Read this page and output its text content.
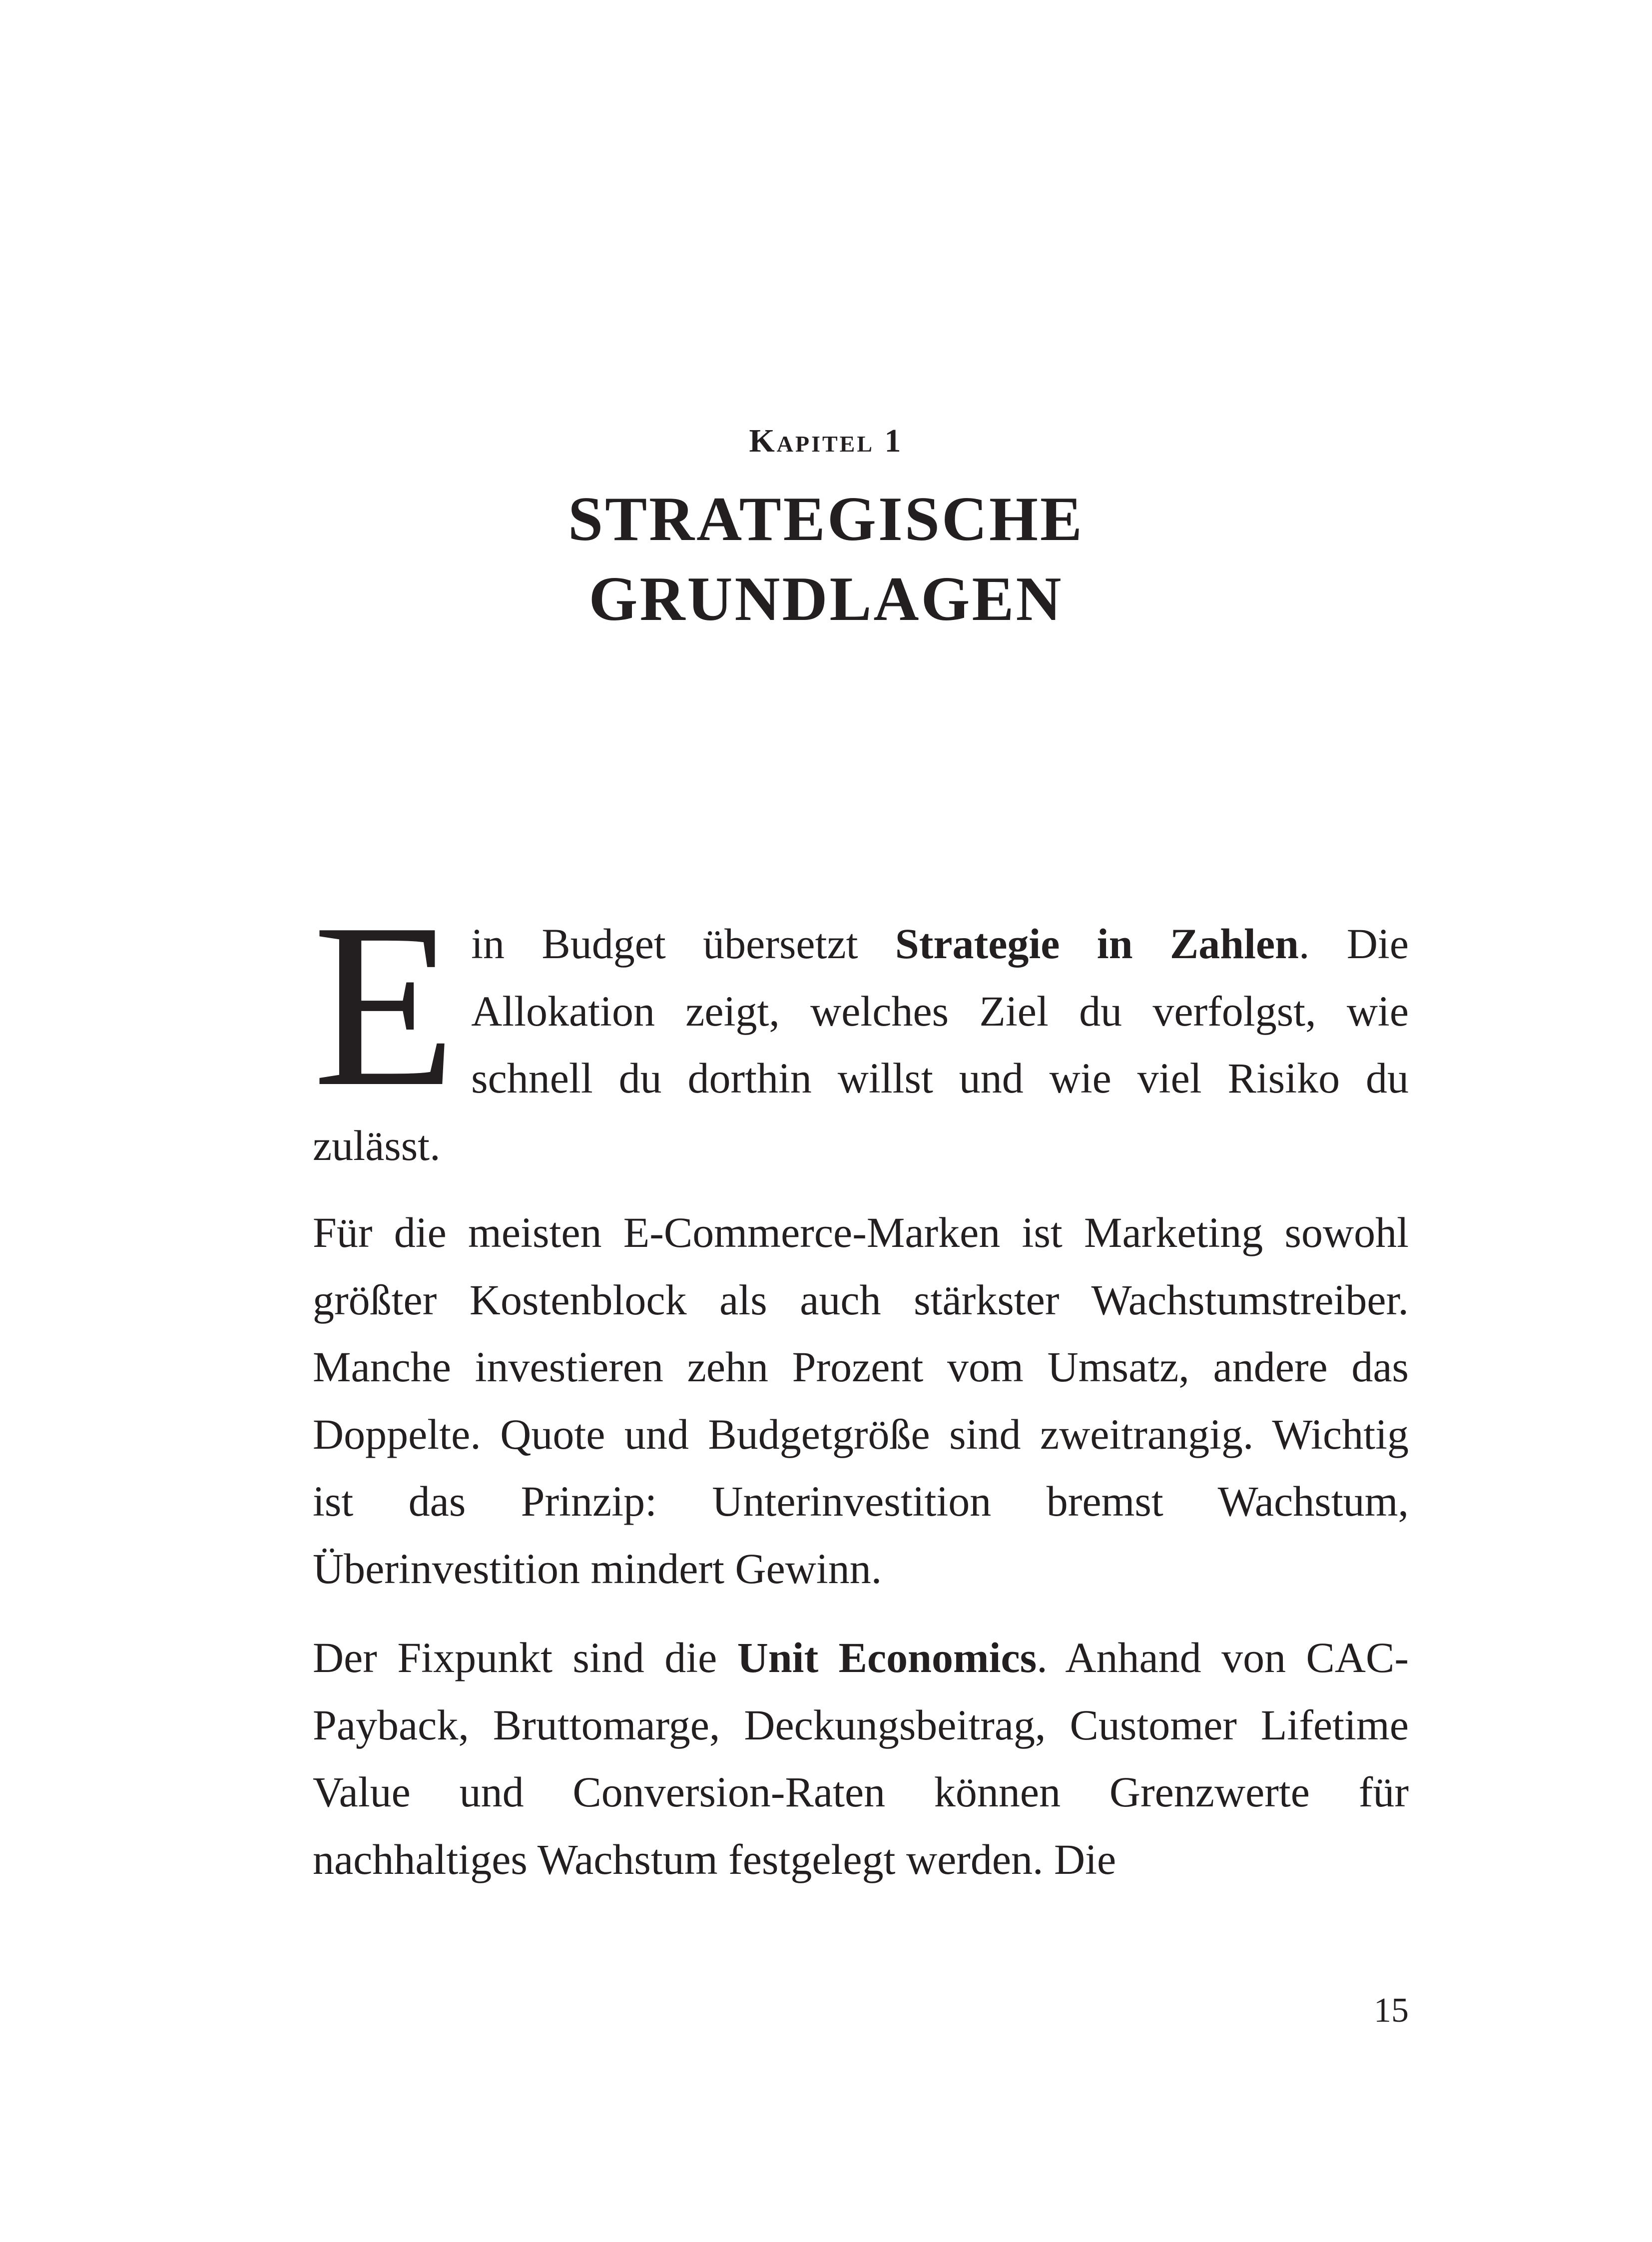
Kapitel 1
STRATEGISCHE
GRUNDLAGEN

Ein Budget übersetzt Strategie in Zahlen. Die Allokation zeigt, welches Ziel du verfolgst, wie schnell du dorthin willst und wie viel Risiko du zulässt.

Für die meisten E-Commerce-Marken ist Marketing sowohl größter Kostenblock als auch stärkster Wachstumstreiber. Manche investieren zehn Prozent vom Umsatz, andere das Doppelte. Quote und Budgetgröße sind zweitrangig. Wichtig ist das Prinzip: Unterinvestition bremst Wachstum, Überinvestition mindert Gewinn.

Der Fixpunkt sind die Unit Economics. Anhand von CAC-Payback, Bruttomarge, Deckungsbeitrag, Customer Lifetime Value und Conversion-Raten können Grenzwerte für nachhaltiges Wachstum festgelegt werden. Die

15
